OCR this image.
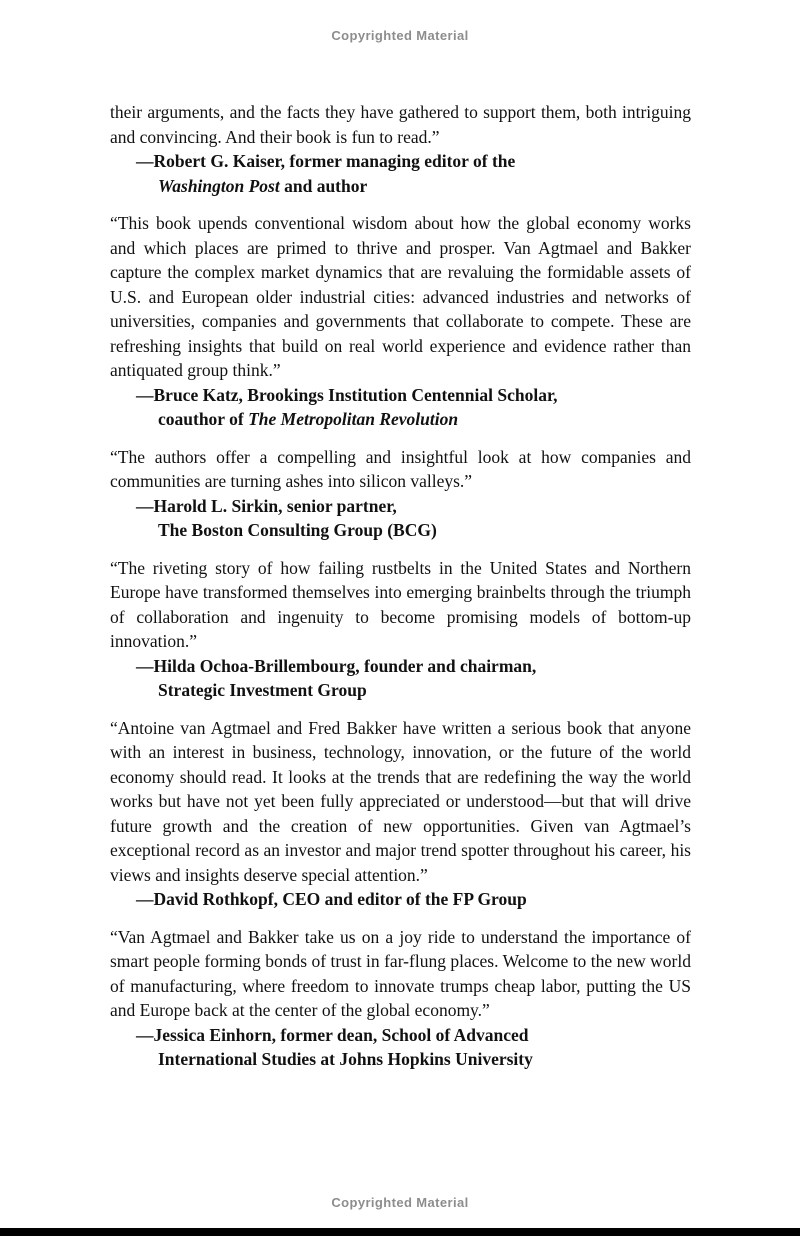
Copyrighted Material

their arguments, and the facts they have gathered to support them, both intriguing and convincing. And their book is fun to read.”

—Robert G. Kaiser, former managing editor of the
Washington Post and author

“This book upends conventional wisdom about how the global economy works and which places are primed to thrive and prosper. Van Agtmael and Bakker capture the complex market dynamics that are revaluing the formidable assets of U.S. and European older industrial cities: advanced industries and networks of universities, companies and governments that collaborate to compete. These are refreshing insights that build on real world experience and evidence rather than antiquated group think.”

—Bruce Katz, Brookings Institution Centennial Scholar,
coauthor of The Metropolitan Revolution

“The authors offer a compelling and insightful look at how companies and communities are turning ashes into silicon valleys.”

—Harold L. Sirkin, senior partner,
The Boston Consulting Group (BCG)

“The riveting story of how failing rustbelts in the United States and Northern Europe have transformed themselves into emerging brainbelts through the triumph of collaboration and ingenuity to become promising models of bottom-up innovation.”

—Hilda Ochoa-Brillembourg, founder and chairman,
Strategic Investment Group

“Antoine van Agtmael and Fred Bakker have written a serious book that anyone with an interest in business, technology, innovation, or the future of the world economy should read. It looks at the trends that are redefining the way the world works but have not yet been fully appreciated or understood—but that will drive future growth and the creation of new opportunities. Given van Agtmael’s exceptional record as an investor and major trend spotter throughout his career, his views and insights deserve special attention.”

—David Rothkopf, CEO and editor of the FP Group

“Van Agtmael and Bakker take us on a joy ride to understand the importance of smart people forming bonds of trust in far-flung places. Welcome to the new world of manufacturing, where freedom to innovate trumps cheap labor, putting the US and Europe back at the center of the global economy.”

—Jessica Einhorn, former dean, School of Advanced
International Studies at Johns Hopkins University

Copyrighted Material
